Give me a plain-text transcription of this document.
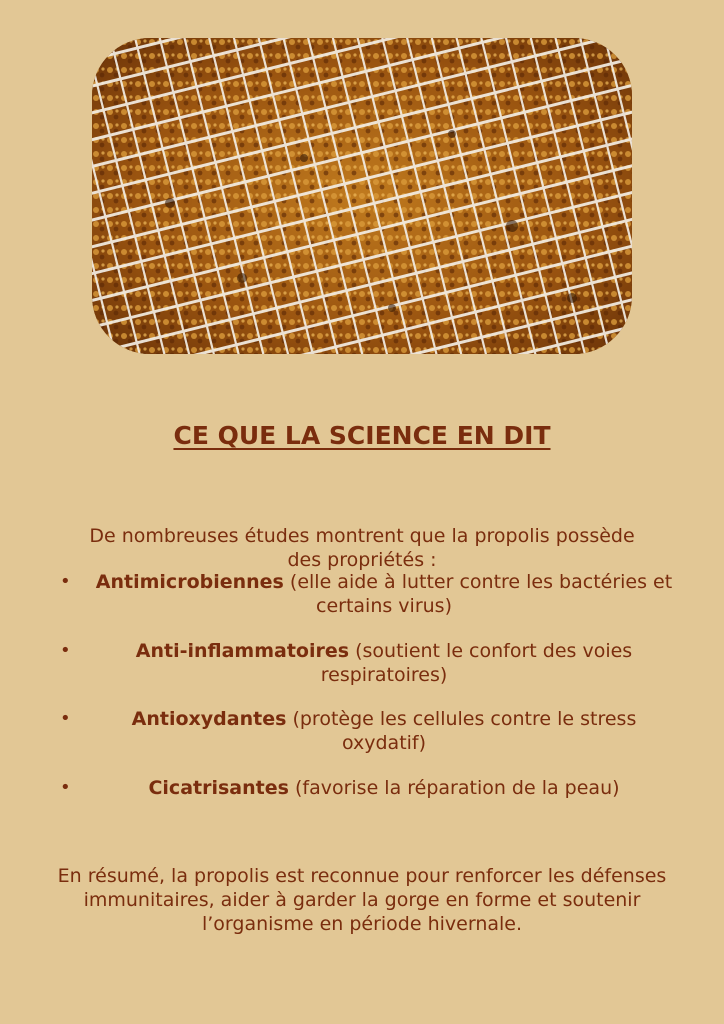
CE QUE LA SCIENCE EN DIT

De nombreuses études montrent que la propolis possède des propriétés :

•	Antimicrobiennes (elle aide à lutter contre les bactéries et certains virus)
•	Anti-inflammatoires (soutient le confort des voies respiratoires)
•	Antioxydantes (protège les cellules contre le stress oxydatif)
•	Cicatrisantes (favorise la réparation de la peau)

En résumé, la propolis est reconnue pour renforcer les défenses immunitaires, aider à garder la gorge en forme et soutenir l’organisme en période hivernale.
